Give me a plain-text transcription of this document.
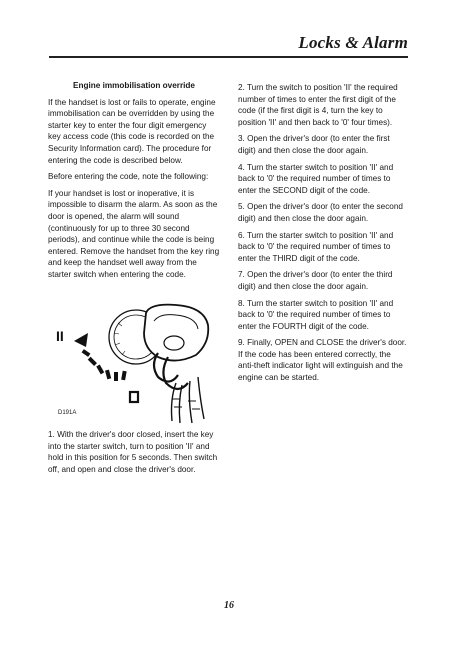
Locks & Alarm

Engine immobilisation override

If the handset is lost or fails to operate, engine immobilisation can be overridden by using the starter key to enter the four digit emergency key access code (this code is recorded on the Security Information card). The procedure for entering the code is described below.

Before entering the code, note the following:

If your handset is lost or inoperative, it is impossible to disarm the alarm. As soon as the door is opened, the alarm will sound (continuously for up to three 30 second periods), and continue while the code is being entered. Remove the handset from the key ring and keep the handset well away from the starter switch when entering the code.

II
D191A
1. With the driver's door closed, insert the key into the starter switch, turn to position 'II' and hold in this position for 5 seconds. Then switch off, and open and close the driver's door.

2. Turn the switch to position 'II' the required number of times to enter the first digit of the code (if the first digit is 4, turn the key to position 'II' and then back to '0' four times).

3. Open the driver's door (to enter the first digit) and then close the door again.

4. Turn the starter switch to position 'II' and back to '0' the required number of times to enter the SECOND digit of the code.

5. Open the driver's door (to enter the second digit) and then close the door again.

6. Turn the starter switch to position 'II' and back to '0' the required number of times to enter the THIRD digit of the code.

7. Open the driver's door (to enter the third digit) and then close the door again.

8. Turn the starter switch to position 'II' and back to '0' the required number of times to enter the FOURTH digit of the code.

9. Finally, OPEN and CLOSE the driver's door. If the code has been entered correctly, the anti-theft indicator light will extinguish and the engine can be started.

16
